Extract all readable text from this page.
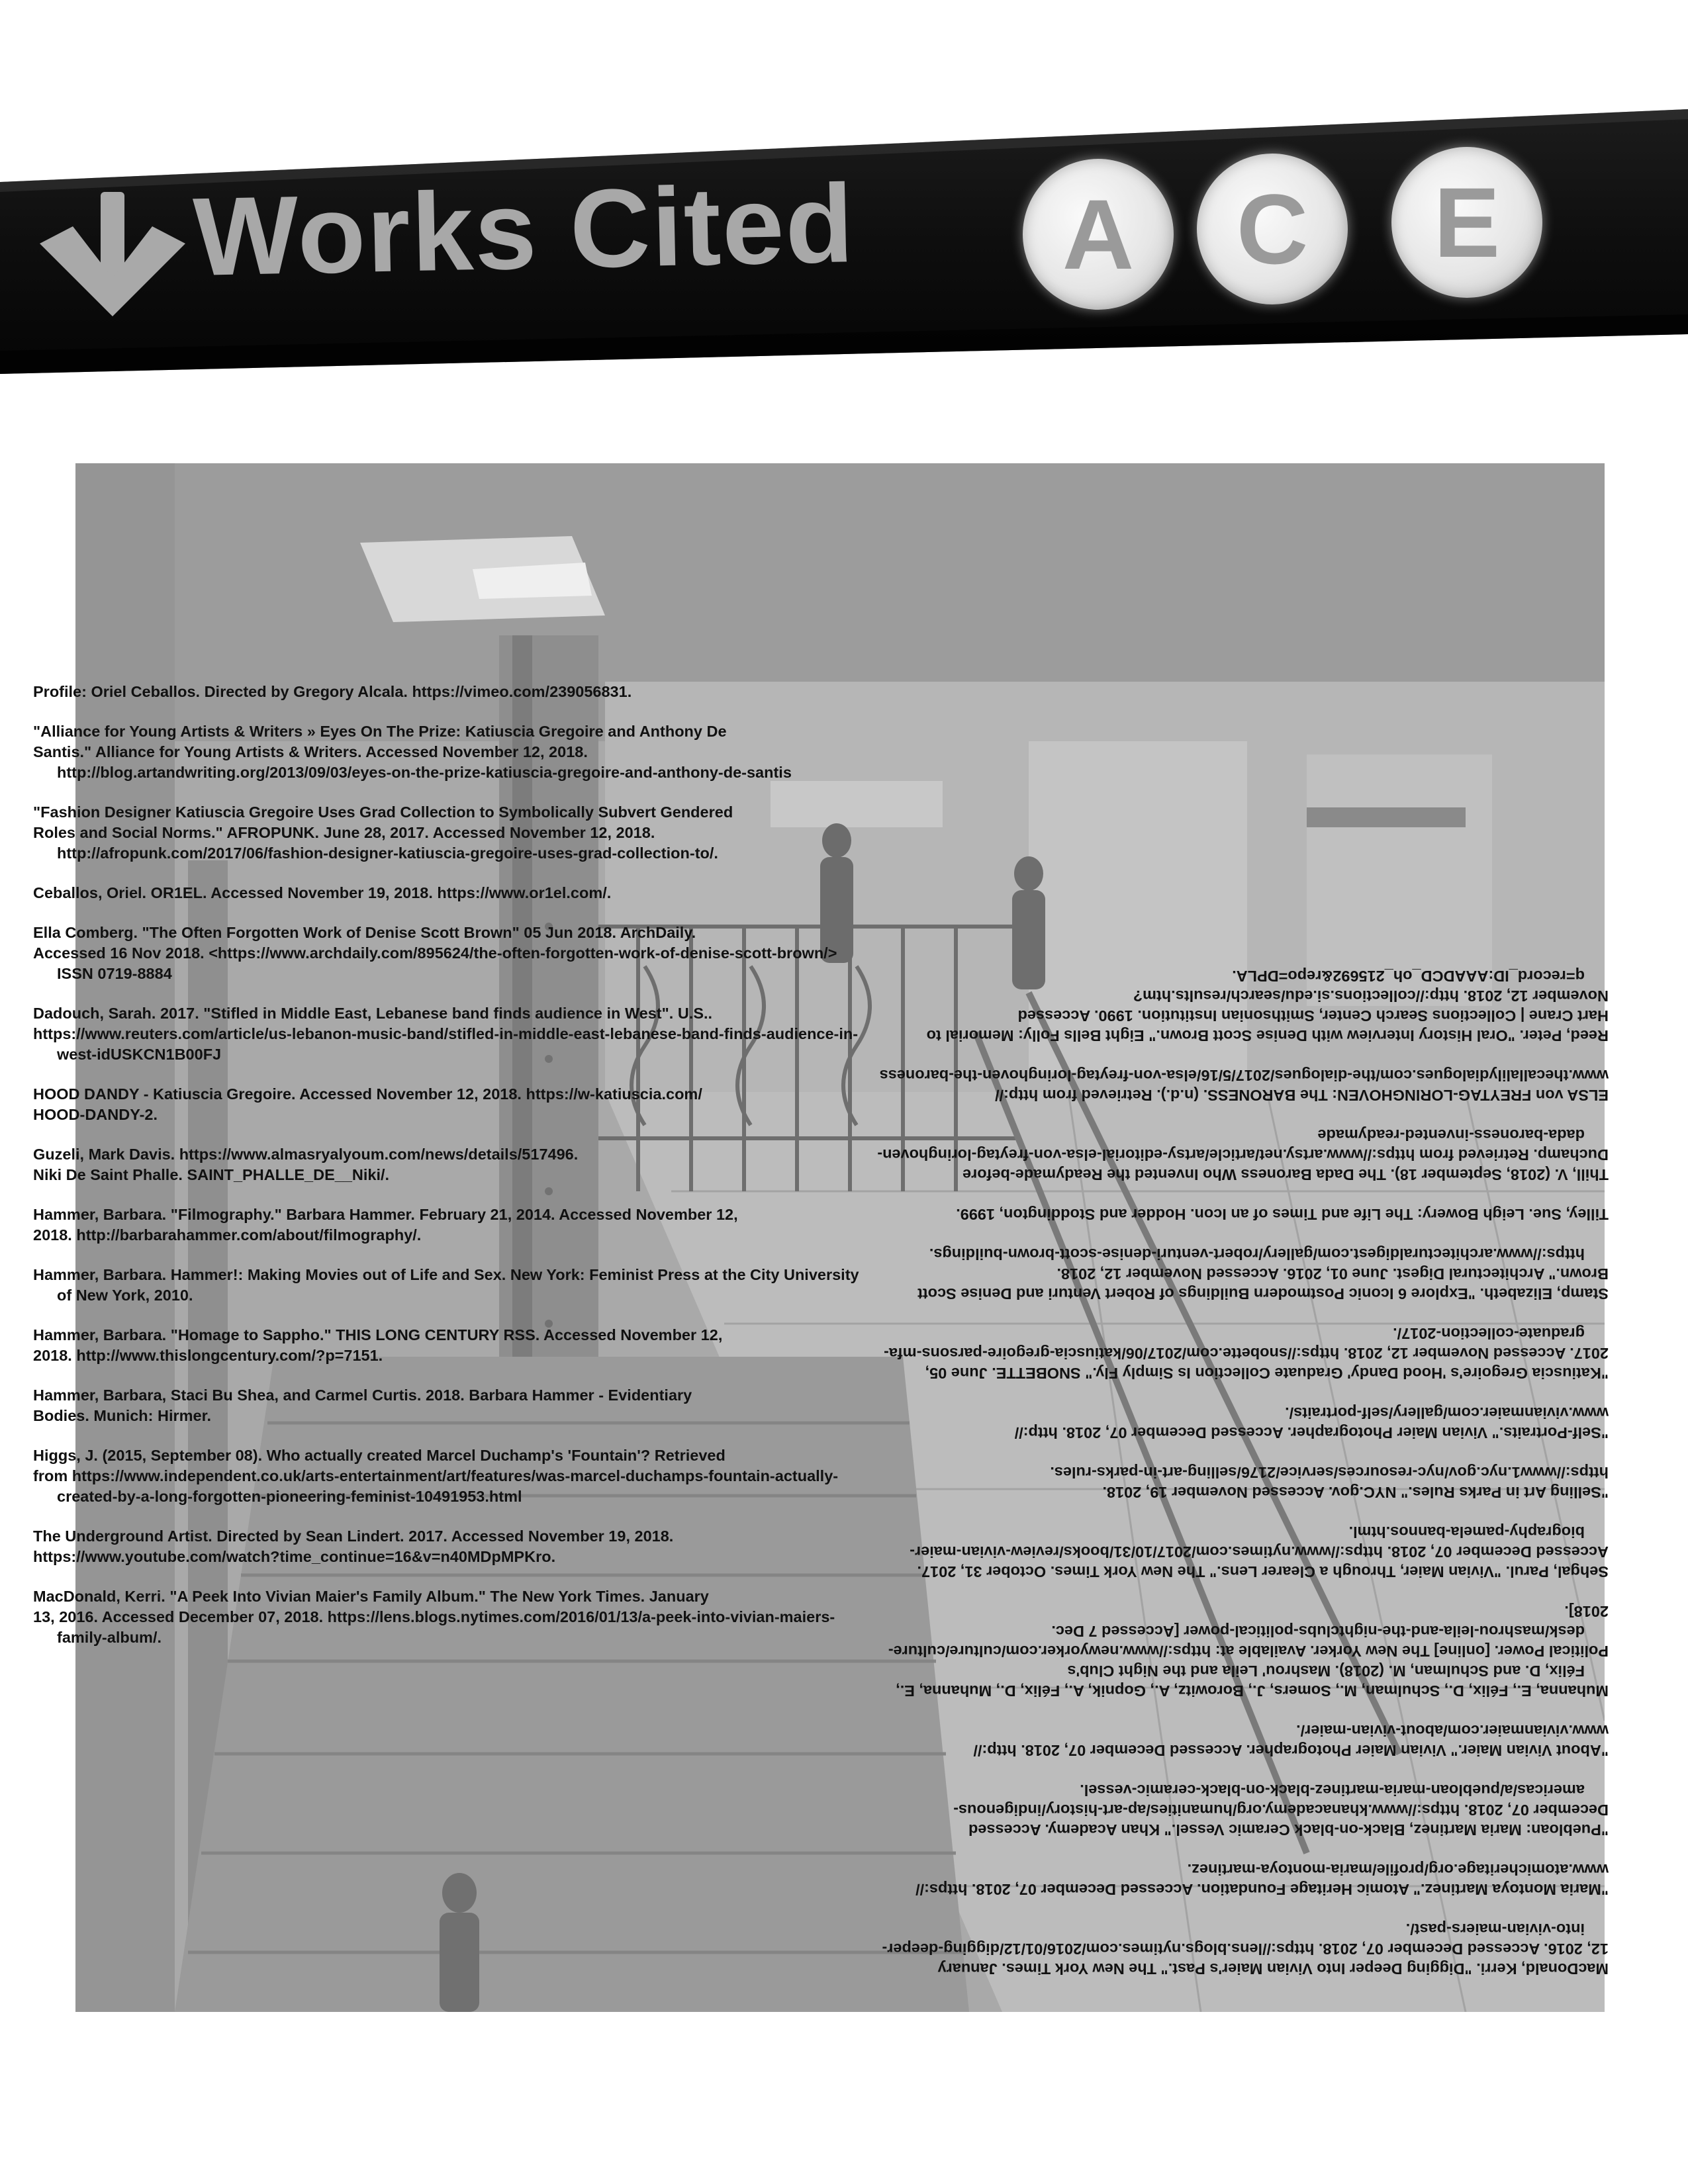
Works Cited A C E
Profile: Oriel Ceballos. Directed by Gregory Alcala. https://vimeo.com/239056831.
"Alliance for Young Artists & Writers » Eyes On The Prize: Katiuscia Gregoire and Anthony De
Santis." Alliance for Young Artists & Writers. Accessed November 12, 2018. http://blog.artandwriting.org/2013/09/03/eyes-on-the-prize-katiuscia-gregoire-and-anthony-de-santis
"Fashion Designer Katiuscia Gregoire Uses Grad Collection to Symbolically Subvert Gendered
Roles and Social Norms." AFROPUNK. June 28, 2017. Accessed November 12, 2018. http://afropunk.com/2017/06/fashion-designer-katiuscia-gregoire-uses-grad-collection-to/.
Ceballos, Oriel. OR1EL. Accessed November 19, 2018. https://www.or1el.com/.
Ella Comberg. "The Often Forgotten Work of Denise Scott Brown" 05 Jun 2018. ArchDaily.
Accessed 16 Nov 2018. <https://www.archdaily.com/895624/the-often-forgotten-work-of-denise-scott-brown/> ISSN 0719-8884
Dadouch, Sarah. 2017. "Stifled in Middle East, Lebanese band finds audience in West". U.S..
https://www.reuters.com/article/us-lebanon-music-band/stifled-in-middle-east-lebanese-band-finds-audience-in-west-idUSKCN1B00FJ
HOOD DANDY - Katiuscia Gregoire. Accessed November 12, 2018. https://w-katiuscia.com/
HOOD-DANDY-2.
Guzeli, Mark Davis. https://www.almasryalyoum.com/news/details/517496.
Niki De Saint Phalle. SAINT_PHALLE_DE__Niki/.
Hammer, Barbara. "Filmography." Barbara Hammer. February 21, 2014. Accessed November 12,
2018. http://barbarahammer.com/about/filmography/.
Hammer, Barbara. Hammer!: Making Movies out of Life and Sex. New York: Feminist Press at the City University of New York, 2010.
Hammer, Barbara. "Homage to Sappho." THIS LONG CENTURY RSS. Accessed November 12,
2018. http://www.thislongcentury.com/?p=7151.
Hammer, Barbara, Staci Bu Shea, and Carmel Curtis. 2018. Barbara Hammer - Evidentiary
Bodies. Munich: Hirmer.
Higgs, J. (2015, September 08). Who actually created Marcel Duchamp's 'Fountain'? Retrieved
from https://www.independent.co.uk/arts-entertainment/art/features/was-marcel-duchamps-fountain-actually-created-by-a-long-forgotten-pioneering-feminist-10491953.html
The Underground Artist. Directed by Sean Lindert. 2017. Accessed November 19, 2018.
https://www.youtube.com/watch?time_continue=16&v=n40MDpMPKro.
MacDonald, Kerri. "A Peek Into Vivian Maier's Family Album." The New York Times. January
13, 2016. Accessed December 07, 2018. https://lens.blogs.nytimes.com/2016/01/13/a-peek-into-vivian-maiers-family-album/.
MacDonald, Kerri. "Digging Deeper Into Vivian Maier's Past." The New York Times. January
12, 2016. Accessed December 07, 2018. https://lens.blogs.nytimes.com/2016/01/12/digging-deeper-into-vivian-maiers-past/.
"Maria Montoya Martinez." Atomic Heritage Foundation. Accessed December 07, 2018. https://
www.atomicheritage.org/profile/maria-montoya-martinez.
"Puebloan: Maria Martinez, Black-on-black Ceramic Vessel." Khan Academy. Accessed
December 07, 2018. https://www.khanacademy.org/humanities/ap-art-history/indigenous-americas/a/puebloan-maria-martinez-black-on-black-ceramic-vessel.
"About Vivian Maier." Vivian Maier Photographer. Accessed December 07, 2018. http://
www.vivianmaier.com/about-vivian-maier/.
Muhanna, E., Félix, D., Schulman, M., Somers, J., Borowitz, A., Gopnik, A., Félix, D., Muhanna, E., Félix, D. and Schulman, M. (2018). Mashrou' Leila and the Night Club's
Political Power. [online] The New Yorker. Available at: https://www.newyorker.com/culture/culture-desk/mashrou-leila-and-the-nightclubs-political-power [Accessed 7 Dec.
2018].
Sehgal, Parul. "Vivian Maier, Through a Clearer Lens." The New York Times. October 31, 2017.
Accessed December 07, 2018. https://www.nytimes.com/2017/10/31/books/review-vivian-maier-biography-pamela-bannos.html.
"Selling Art in Parks Rules." NYC.gov. Accessed November 19, 2018.
https://www1.nyc.gov/nyc-resources/service/2176/selling-art-in-parks-rules.
"Self-Portraits." Vivian Maier Photographer. Accessed December 07, 2018. http://
www.vivianmaier.com/gallery/self-portraits/.
"Katiuscia Gregoire's 'Hood Dandy' Graduate Collection Is Simply Fly." SNOBETTE. June 05,
2017. Accessed November 12, 2018. https://snobette.com/2017/06/katiuscia-gregoire-parsons-mfa-graduate-collection-2017/.
Stamp, Elizabeth. "Explore 6 Iconic Postmodern Buildings of Robert Venturi and Denise Scott
Brown." Architectural Digest. June 01, 2016. Accessed November 12, 2018. https://www.architecturaldigest.com/gallery/robert-venturi-denise-scott-brown-buildings.
Tilley, Sue. Leigh Bowery: The Life and Times of an Icon. Hodder and Stoddington, 1999.
Thill, V. (2018, September 18). The Dada Baroness Who Invented the Readymade-before
Duchamp. Retrieved from https://www.artsy.net/article/artsy-editorial-elsa-von-freytag-loringhoven-dada-baroness-invented-readymade
ELSA von FREYTAG-LORINGHOVEN: The BARONESS. (n.d.). Retrieved from http://
www.thecallalilydialogues.com/the-dialogues/2017/5/16/elsa-von-freytag-loringhoven-the-baroness
Reed, Peter. "Oral History Interview with Denise Scott Brown." Eight Bells Folly: Memorial to
Hart Crane | Collections Search Center, Smithsonian Institution. 1990. Accessed
November 12, 2018. http://collections.si.edu/search/results.htm?q=record_ID:AAADCD_oh_215692&repo=DPLA.
